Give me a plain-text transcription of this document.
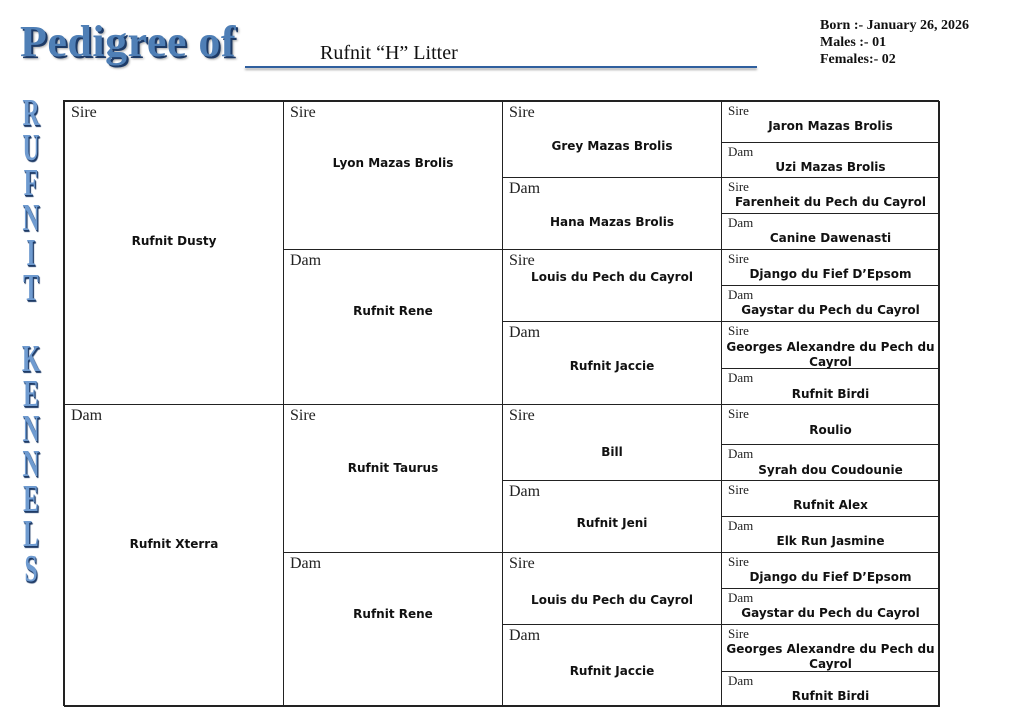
Pedigree of	Rufnit “H” Litter
Born :- January 26, 2026
Males :- 01
Females:- 02
R
U
F
N
I
T
K
E
N
N
E
L
S
Sire
Rufnit Dusty
Dam
Rufnit Xterra
Sire
Lyon Mazas Brolis
Dam
Rufnit Rene
Sire
Rufnit Taurus
Dam
Rufnit Rene
Sire
Grey Mazas Brolis
Dam
Hana Mazas Brolis
Sire
Louis du Pech du Cayrol
Dam
Rufnit Jaccie
Sire
Bill
Dam
Rufnit Jeni
Sire
Louis du Pech du Cayrol
Dam
Rufnit Jaccie
Sire
Jaron Mazas Brolis
Dam
Uzi Mazas Brolis
Sire
Farenheit du Pech du Cayrol
Dam
Canine Dawenasti
Sire
Django du Fief D’Epsom
Dam
Gaystar du Pech du Cayrol
Sire
Georges Alexandre du Pech du Cayrol
Dam
Rufnit Birdi
Sire
Roulio
Dam
Syrah dou Coudounie
Sire
Rufnit Alex
Dam
Elk Run Jasmine
Sire
Django du Fief D’Epsom
Dam
Gaystar du Pech du Cayrol
Sire
Georges Alexandre du Pech du Cayrol
Dam
Rufnit Birdi
